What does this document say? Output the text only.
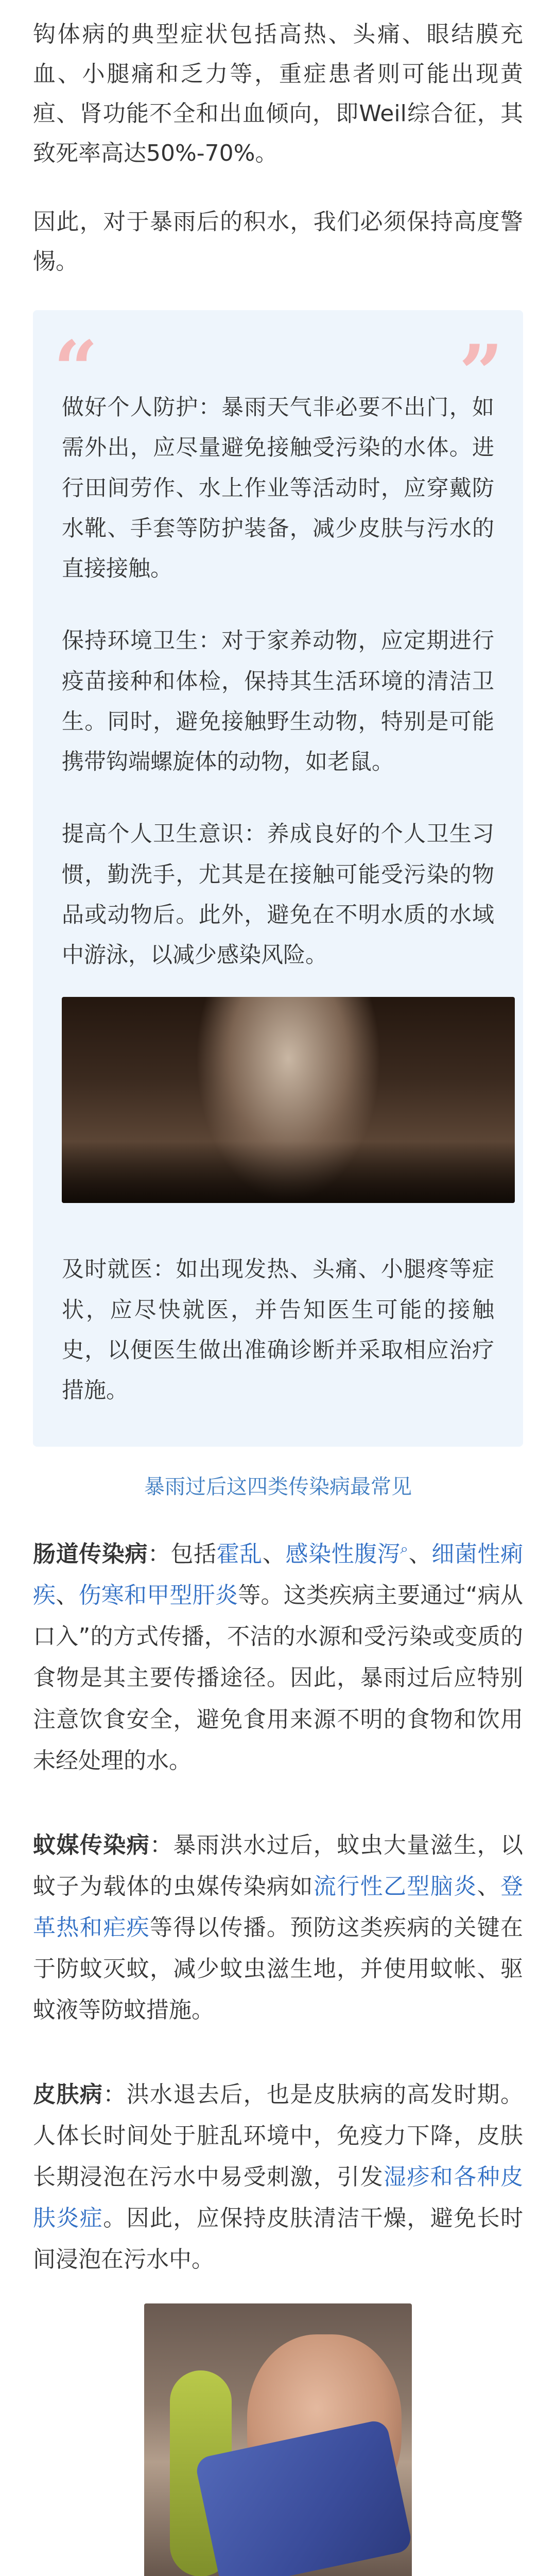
钩体病的典型症状包括高热、头痛、眼结膜充血、小腿痛和乏力等，重症患者则可能出现黄疸、肾功能不全和出血倾向，即Weil综合征，其致死率高达50%-70%。

因此，对于暴雨后的积水，我们必须保持高度警惕。

“	“

做好个人防护：暴雨天气非必要不出门，如需外出，应尽量避免接触受污染的水体。进行田间劳作、水上作业等活动时，应穿戴防水靴、手套等防护装备，减少皮肤与污水的直接接触。

保持环境卫生：对于家养动物，应定期进行疫苗接种和体检，保持其生活环境的清洁卫生。同时，避免接触野生动物，特别是可能携带钩端螺旋体的动物，如老鼠。

提高个人卫生意识：养成良好的个人卫生习惯，勤洗手，尤其是在接触可能受污染的物品或动物后。此外，避免在不明水质的水域中游泳，以减少感染风险。

及时就医：如出现发热、头痛、小腿疼等症状，应尽快就医，并告知医生可能的接触史，以便医生做出准确诊断并采取相应治疗措施。

暴雨过后这四类传染病最常见

肠道传染病：包括霍乱、感染性腹泻⌕、细菌性痢疾、伤寒和甲型肝炎等。这类疾病主要通过“病从口入”的方式传播，不洁的水源和受污染或变质的食物是其主要传播途径。因此，暴雨过后应特别注意饮食安全，避免食用来源不明的食物和饮用未经处理的水。

蚊媒传染病：暴雨洪水过后，蚊虫大量滋生，以蚊子为载体的虫媒传染病如流行性乙型脑炎、登革热和疟疾等得以传播。预防这类疾病的关键在于防蚊灭蚊，减少蚊虫滋生地，并使用蚊帐、驱蚊液等防蚊措施。

皮肤病：洪水退去后，也是皮肤病的高发时期。人体长时间处于脏乱环境中，免疫力下降，皮肤长期浸泡在污水中易受刺激，引发湿疹和各种皮肤炎症。因此，应保持皮肤清洁干燥，避免长时间浸泡在污水中。
